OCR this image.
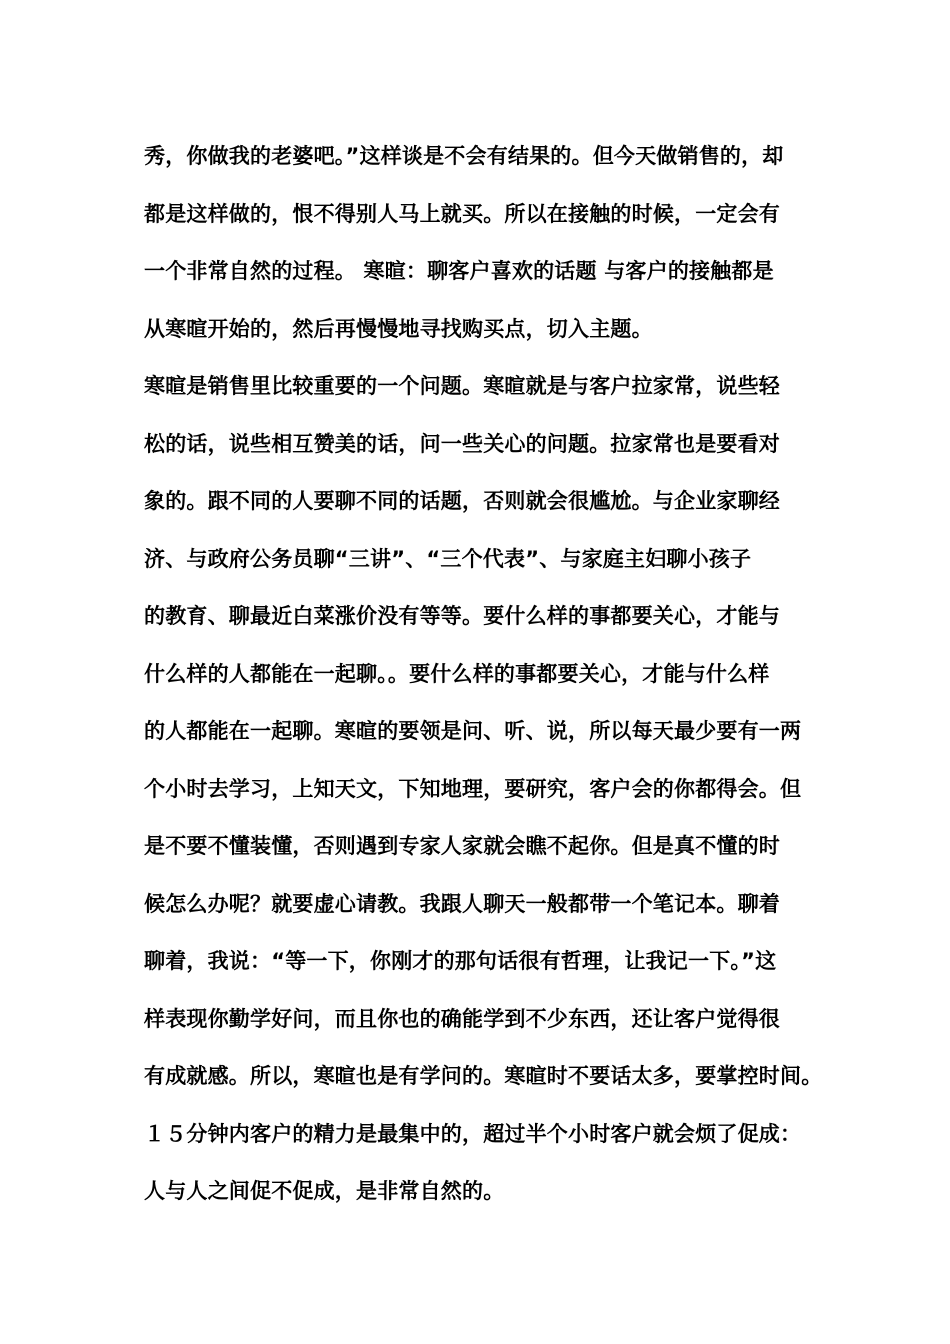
秀，你做我的老婆吧。”这样谈是不会有结果的。但今天做销售的，却
都是这样做的，恨不得别人马上就买。所以在接触的时候，一定会有
一个非常自然的过程。 寒暄：聊客户喜欢的话题 与客户的接触都是
从寒暄开始的，然后再慢慢地寻找购买点，切入主题。
寒暄是销售里比较重要的一个问题。寒暄就是与客户拉家常，说些轻
松的话，说些相互赞美的话，问一些关心的问题。拉家常也是要看对
象的。跟不同的人要聊不同的话题，否则就会很尴尬。与企业家聊经
济、与政府公务员聊“三讲”、“三个代表”、与家庭主妇聊小孩子
的教育、聊最近白菜涨价没有等等。要什么样的事都要关心，才能与
什么样的人都能在一起聊。。要什么样的事都要关心，才能与什么样
的人都能在一起聊。寒暄的要领是问、听、说，所以每天最少要有一两
个小时去学习，上知天文，下知地理，要研究，客户会的你都得会。但
是不要不懂装懂，否则遇到专家人家就会瞧不起你。但是真不懂的时
候怎么办呢？就要虚心请教。我跟人聊天一般都带一个笔记本。聊着
聊着，我说：“等一下，你刚才的那句话很有哲理，让我记一下。”这
样表现你勤学好问，而且你也的确能学到不少东西，还让客户觉得很
有成就感。所以，寒暄也是有学问的。寒暄时不要话太多，要掌控时间。
１５分钟内客户的精力是最集中的，超过半个小时客户就会烦了促成：
人与人之间促不促成，是非常自然的。
